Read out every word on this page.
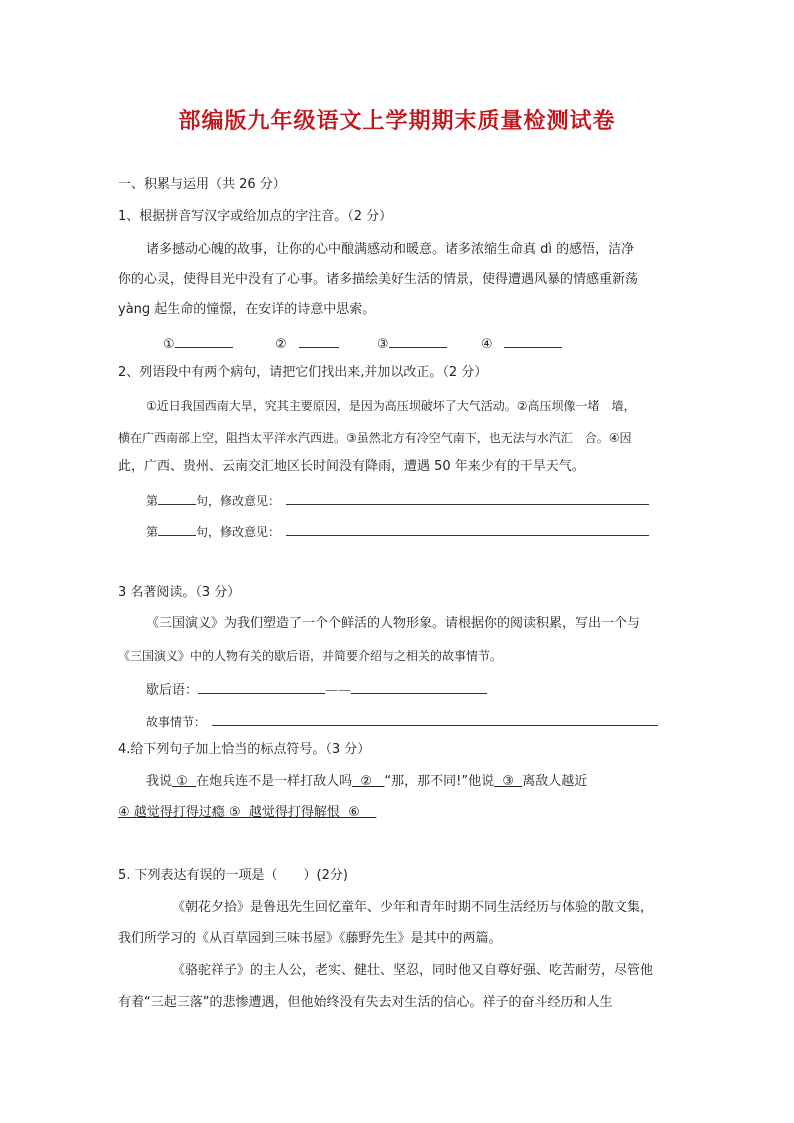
部编版九年级语文上学期期末质量检测试卷
一、积累与运用（共 26 分）
1、根据拼音写汉字或给加点的字注音。（2 分）
诸多撼动心魄的故事，让你的心中酿满感动和暖意。诸多浓缩生命真 dì 的感悟，洁净
你的心灵，使得目光中没有了心事。诸多描绘美好生活的情景，使得遭遇风暴的情感重新荡
yànɡ 起生命的憧憬，在安详的诗意中思索。
①	②	③	④
2、列语段中有两个病句，请把它们找出来,并加以改正。（2 分）
①近日我国西南大旱，究其主要原因，是因为高压坝破坏了大气活动。②高压坝像一堵　墙，
横在广西南部上空，阻挡太平洋水汽西进。③虽然北方有冷空气南下，也无法与水汽汇　合。④因
此，广西、贵州、云南交汇地区长时间没有降雨，遭遇 50 年来少有的干旱天气。
第	句，修改意见：
第	句，修改意见：
3 名著阅读。（3 分）
《三国演义》为我们塑造了一个个鲜活的人物形象。请根据你的阅读积累，写出一个与
《三国演义》中的人物有关的歇后语，并简要介绍与之相关的故事情节。
歇后语：	——
故事情节：
4.给下列句子加上恰当的标点符号。（3 分）
我说 ①  在炮兵连不是一样打敌人吗  ②   “那，那不同!”他说  ③  离敌人越近
④ 越觉得打得过瘾 ⑤  越觉得打得解恨  ⑥
5. 下列表达有误的一项是（　　）(2分)
《朝花夕拾》是鲁迅先生回忆童年、少年和青年时期不同生活经历与体验的散文集，
我们所学习的《从百草园到三味书屋》《藤野先生》是其中的两篇。
《骆驼祥子》的主人公，老实、健壮、坚忍，同时他又自尊好强、吃苦耐劳，尽管他
有着“三起三落”的悲惨遭遇，但他始终没有失去对生活的信心。祥子的奋斗经历和人生
